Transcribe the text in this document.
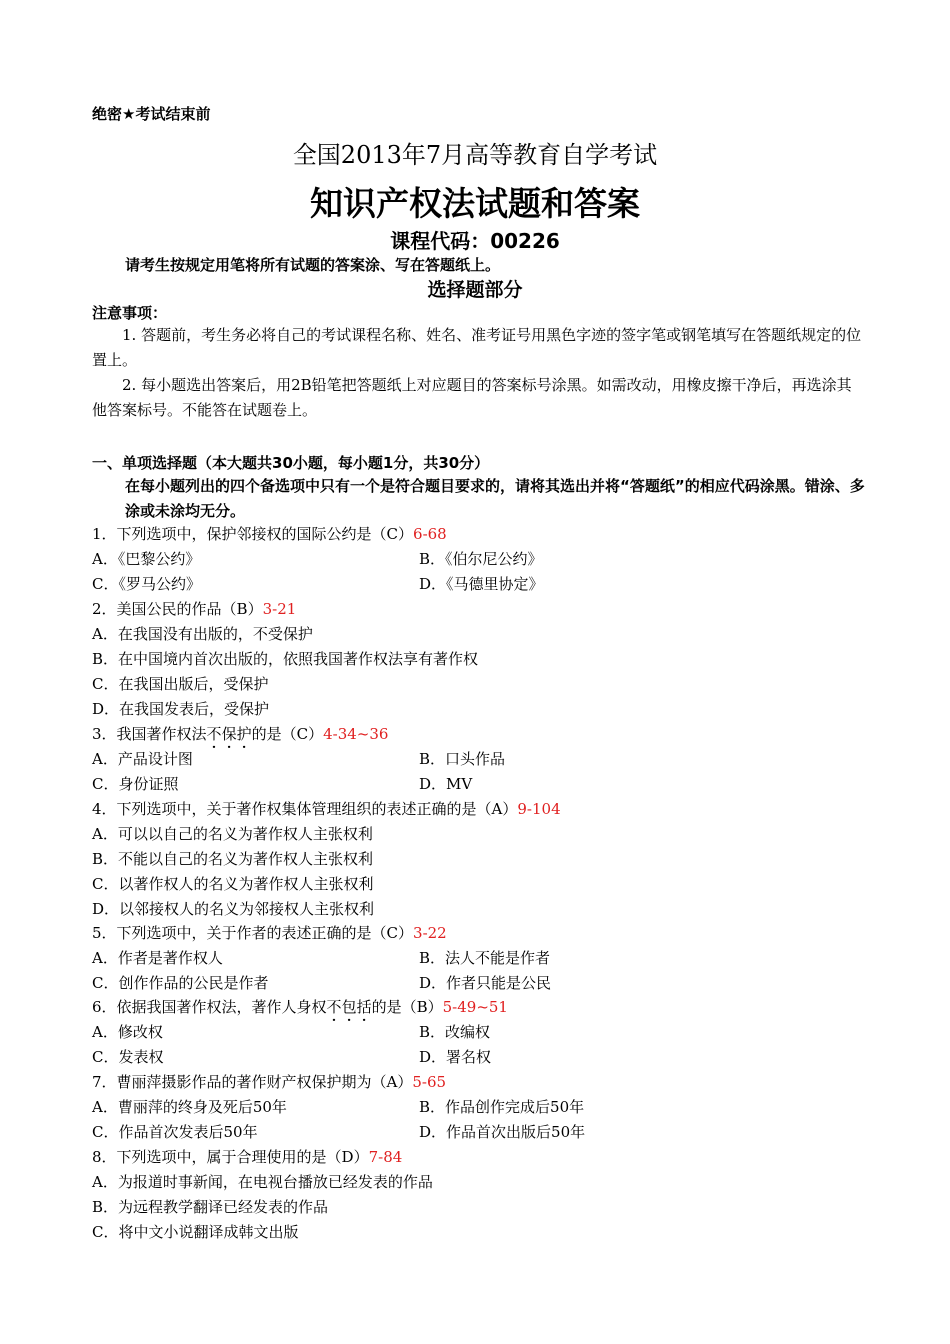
绝密★考试结束前
全国2013年7月高等教育自学考试
知识产权法试题和答案
课程代码：00226
请考生按规定用笔将所有试题的答案涂、写在答题纸上。
选择题部分
注意事项：
1. 答题前，考生务必将自己的考试课程名称、姓名、准考证号用黑色字迹的签字笔或钢笔填写在答题纸规定的位置上。
2. 每小题选出答案后，用2B铅笔把答题纸上对应题目的答案标号涂黑。如需改动，用橡皮擦干净后，再选涂其他答案标号。不能答在试题卷上。
一、单项选择题（本大题共30小题，每小题1分，共30分）
在每小题列出的四个备选项中只有一个是符合题目要求的，请将其选出并将“答题纸”的相应代码涂黑。错涂、多涂或未涂均无分。
1．下列选项中，保护邻接权的国际公约是（C）6-68
A．《巴黎公约》	B．《伯尔尼公约》
C．《罗马公约》	D．《马德里协定》
2．美国公民的作品（B）3-21
A．在我国没有出版的，不受保护
B．在中国境内首次出版的，依照我国著作权法享有著作权
C．在我国出版后，受保护
D．在我国发表后，受保护
3．我国著作权法不保护的是（C）4-34~36
A．产品设计图	B．口头作品
C．身份证照	D．MV
4．下列选项中，关于著作权集体管理组织的表述正确的是（A）9-104
A．可以以自己的名义为著作权人主张权利
B．不能以自己的名义为著作权人主张权利
C．以著作权人的名义为著作权人主张权利
D．以邻接权人的名义为邻接权人主张权利
5．下列选项中，关于作者的表述正确的是（C）3-22
A．作者是著作权人	B．法人不能是作者
C．创作作品的公民是作者	D．作者只能是公民
6．依据我国著作权法，著作人身权不包括的是（B）5-49~51
A．修改权	B．改编权
C．发表权	D．署名权
7．曹丽萍摄影作品的著作财产权保护期为（A）5-65
A．曹丽萍的终身及死后50年	B．作品创作完成后50年
C．作品首次发表后50年	D．作品首次出版后50年
8．下列选项中，属于合理使用的是（D）7-84
A．为报道时事新闻，在电视台播放已经发表的作品
B．为远程教学翻译已经发表的作品
C．将中文小说翻译成韩文出版
